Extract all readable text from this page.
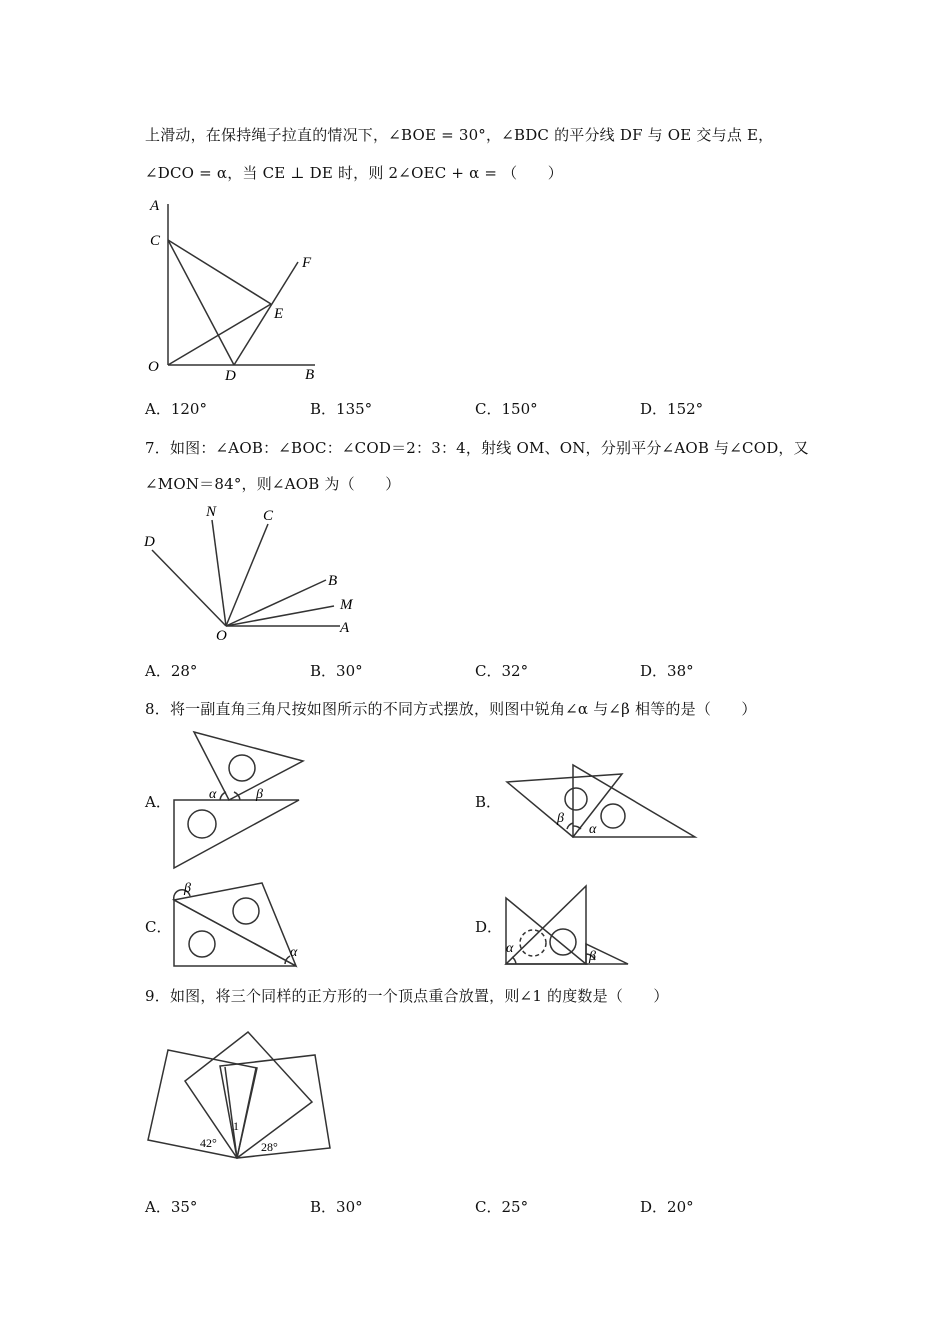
上滑动，在保持绳子拉直的情况下，∠BOE = 30°，∠BDC 的平分线 DF 与 OE 交与点 E，
∠DCO = α，当 CE ⊥ DE 时，则 2∠OEC + α = （　　）
A
C
F
E
O
D	B
A．120°	B．135°	C．150°	D．152°
7．如图：∠AOB：∠BOC：∠COD＝2：3：4，射线 OM、ON，分别平分∠AOB 与∠COD，又
∠MON＝84°，则∠AOB 为（　　）
D
N	C
B
M
A
O
A．28°	B．30°	C．32°	D．38°
8．将一副直角三角尺按如图所示的不同方式摆放，则图中锐角∠α 与∠β 相等的是（　　）
A．	α	β	B．
β
α
C．
β
α
D．
α
β
9．如图，将三个同样的正方形的一个顶点重合放置，则∠1 的度数是（　　）
42°
1
28°
A．35°	B．30°	C．25°	D．20°
